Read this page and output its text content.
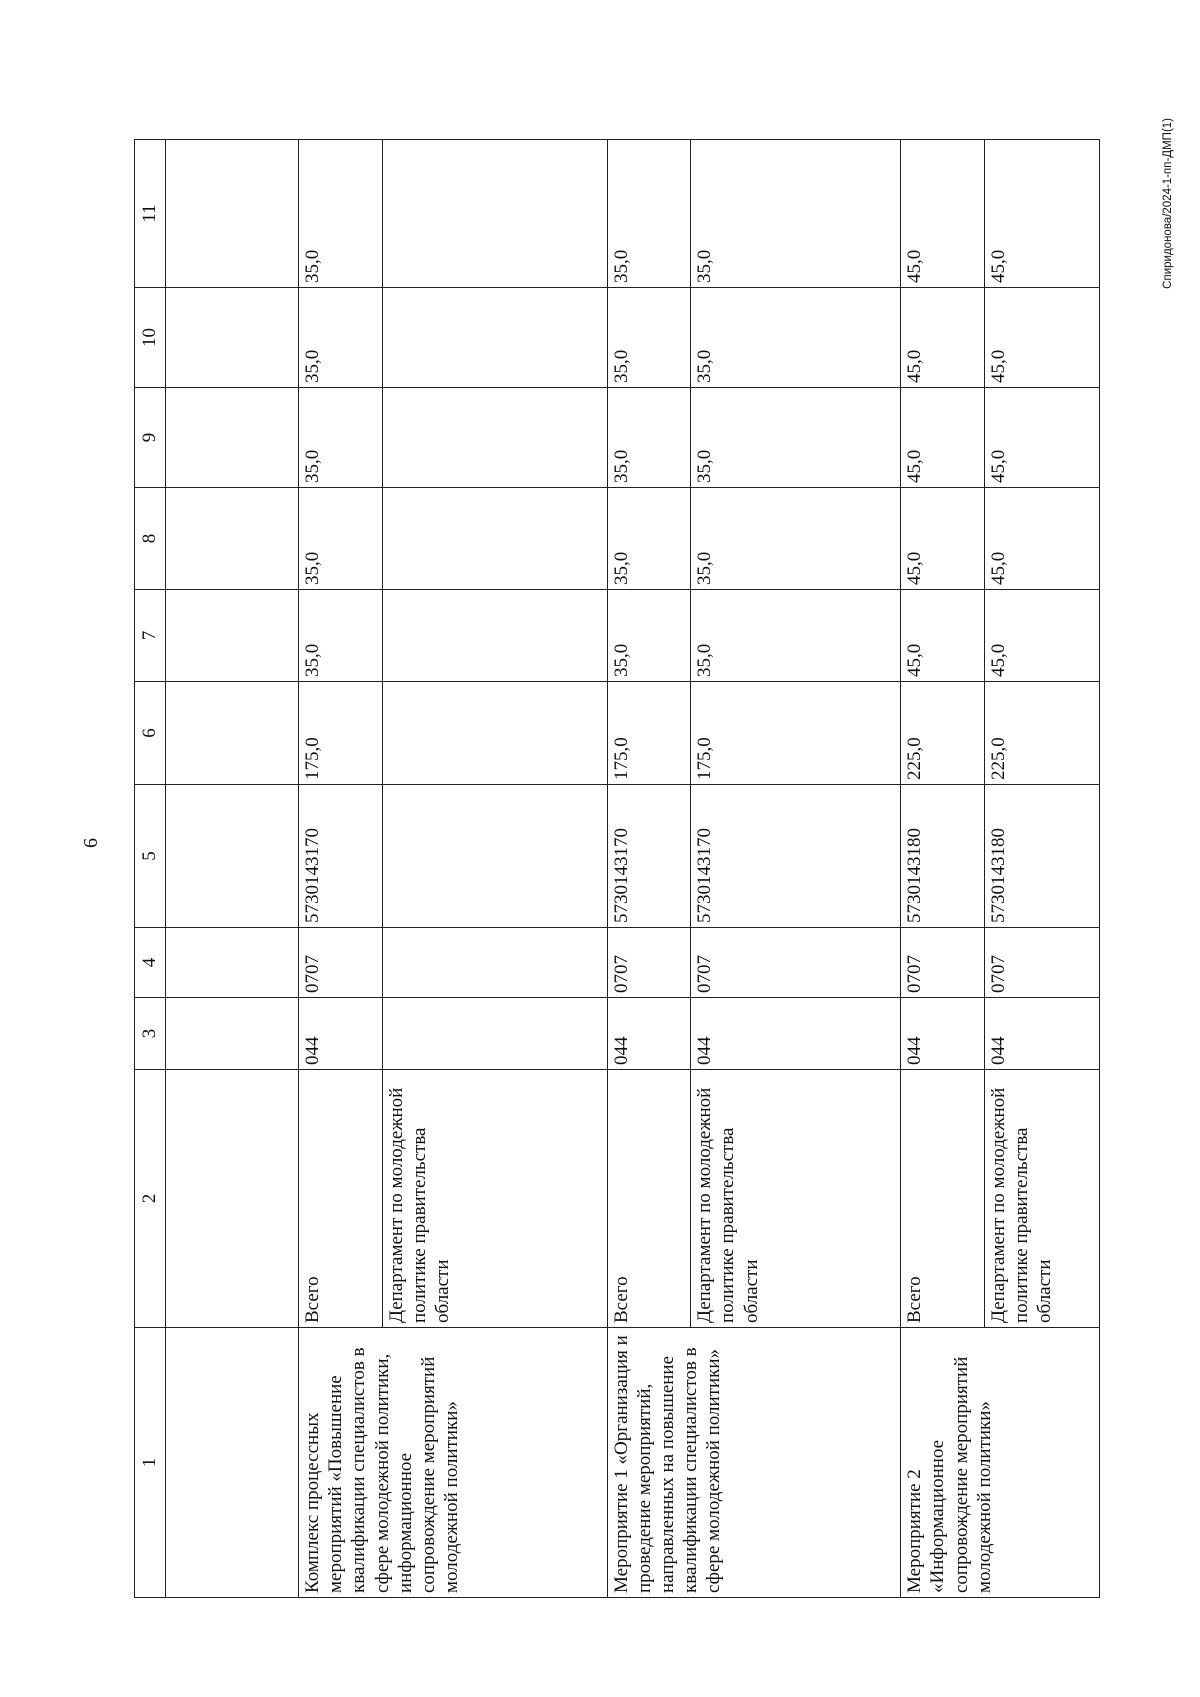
6
Спиридонова/2024-1-пп-ДМП(1)
1	2	3	4	5	6	7	8	9	10	11

Комплекс процессных мероприятий «Повышение квалификации специалистов в сфере молодежной политики, информационное сопровождение мероприятий молодежной политики»	Всего	044	0707	5730143170	175,0	35,0	35,0	35,0	35,0	35,0
	Департамент по молодежной политике правительства области									
Мероприятие 1 «Организация и проведение мероприятий, направленных на повышение квалификации специалистов в сфере молодежной политики»	Всего	044	0707	5730143170	175,0	35,0	35,0	35,0	35,0	35,0
	Департамент по молодежной политике правительства области	044	0707	5730143170	175,0	35,0	35,0	35,0	35,0	35,0
Мероприятие 2 «Информационное сопровождение мероприятий молодежной политики»	Всего	044	0707	5730143180	225,0	45,0	45,0	45,0	45,0	45,0
	Департамент по молодежной политике правительства области	044	0707	5730143180	225,0	45,0	45,0	45,0	45,0	45,0
